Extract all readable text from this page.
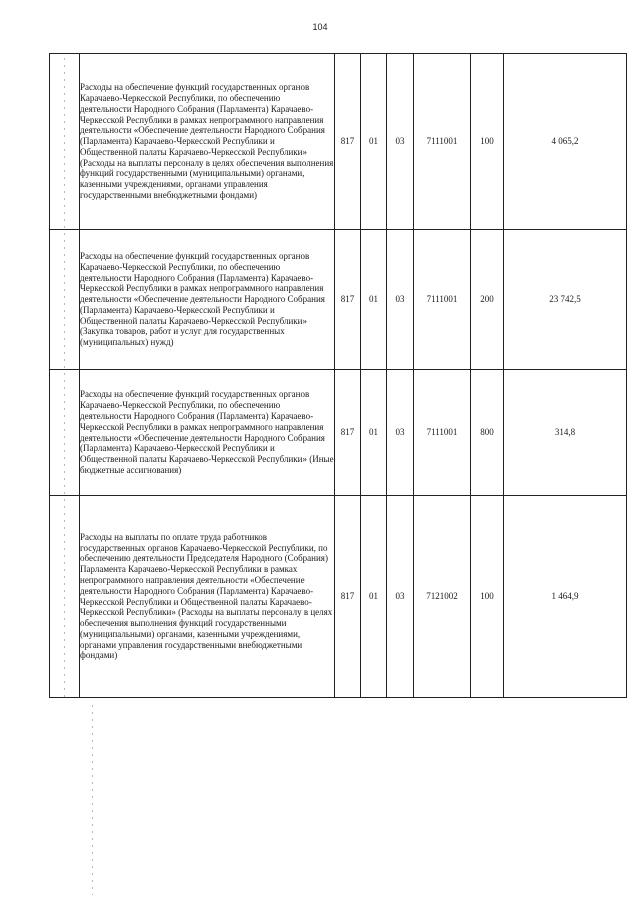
104
	Расходы на обеспечение функций государственных органов Карачаево-Черкесской Республики, по обеспечению деятельности Народного Собрания (Парламента) Карачаево-Черкесской Республики в рамках непрограммного направления деятельности «Обеспечение деятельности Народного Собрания (Парламента) Карачаево-Черкесской Республики и Общественной палаты Карачаево-Черкесской Республики» (Расходы на выплаты персоналу в целях обеспечения выполнения функций государственными (муниципальными) органами, казенными учреждениями, органами управления государственными внебюджетными фондами)	817	01	03	7111001	100	4 065,2
	Расходы на обеспечение функций государственных органов Карачаево-Черкесской Республики, по обеспечению деятельности Народного Собрания (Парламента) Карачаево-Черкесской Республики в рамках непрограммного направления деятельности «Обеспечение деятельности Народного Собрания (Парламента) Карачаево-Черкесской Республики и Общественной палаты Карачаево-Черкесской Республики» (Закупка товаров, работ и услуг для государственных (муниципальных) нужд)	817	01	03	7111001	200	23 742,5
	Расходы на обеспечение функций государственных органов Карачаево-Черкесской Республики, по обеспечению деятельности Народного Собрания (Парламента) Карачаево-Черкесской Республики в рамках непрограммного направления деятельности «Обеспечение деятельности Народного Собрания (Парламента) Карачаево-Черкесской Республики и Общественной палаты Карачаево-Черкесской Республики» (Иные бюджетные ассигнования)	817	01	03	7111001	800	314,8
	Расходы на выплаты по оплате труда работников государственных органов Карачаево-Черкесской Республики, по обеспечению деятельности Председателя Народного (Собрания) Парламента Карачаево-Черкесской Республики в рамках непрограммного направления деятельности «Обеспечение деятельности Народного Собрания (Парламента) Карачаево-Черкесской Республики и Общественной палаты Карачаево-Черкесской Республики» (Расходы на выплаты персоналу в целях обеспечения выполнения функций государственными (муниципальными) органами, казенными учреждениями, органами управления государственными внебюджетными фондами)	817	01	03	7121002	100	1 464,9
